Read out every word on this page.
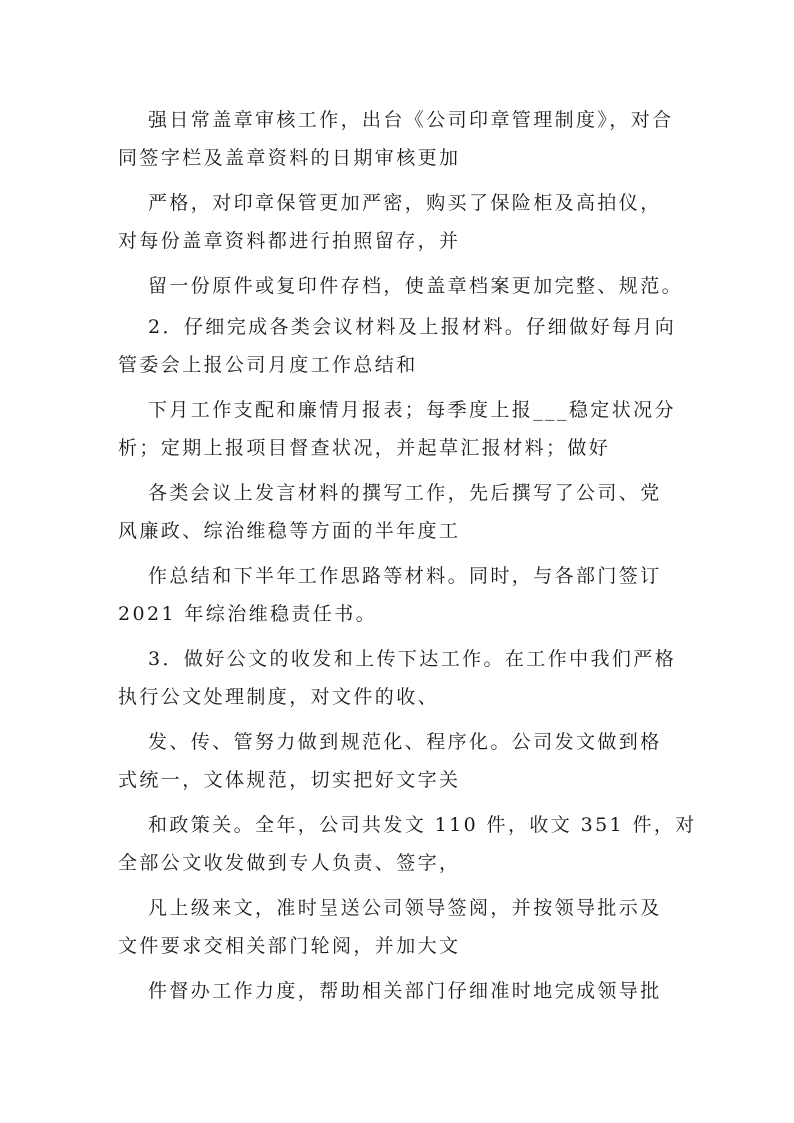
强日常盖章审核工作，出台《公司印章管理制度》，对合
同签字栏及盖章资料的日期审核更加
严格，对印章保管更加严密，购买了保险柜及高拍仪，
对每份盖章资料都进行拍照留存，并
留一份原件或复印件存档，使盖章档案更加完整、规范。
2．仔细完成各类会议材料及上报材料。仔细做好每月向
管委会上报公司月度工作总结和
下月工作支配和廉情月报表；每季度上报___稳定状况分
析；定期上报项目督查状况，并起草汇报材料；做好
各类会议上发言材料的撰写工作，先后撰写了公司、党
风廉政、综治维稳等方面的半年度工
作总结和下半年工作思路等材料。同时，与各部门签订
2021 年综治维稳责任书。
3．做好公文的收发和上传下达工作。在工作中我们严格
执行公文处理制度，对文件的收、
发、传、管努力做到规范化、程序化。公司发文做到格
式统一，文体规范，切实把好文字关
和政策关。全年，公司共发文 110 件，收文 351 件，对
全部公文收发做到专人负责、签字，
凡上级来文，准时呈送公司领导签阅，并按领导批示及
文件要求交相关部门轮阅，并加大文
件督办工作力度，帮助相关部门仔细准时地完成领导批
